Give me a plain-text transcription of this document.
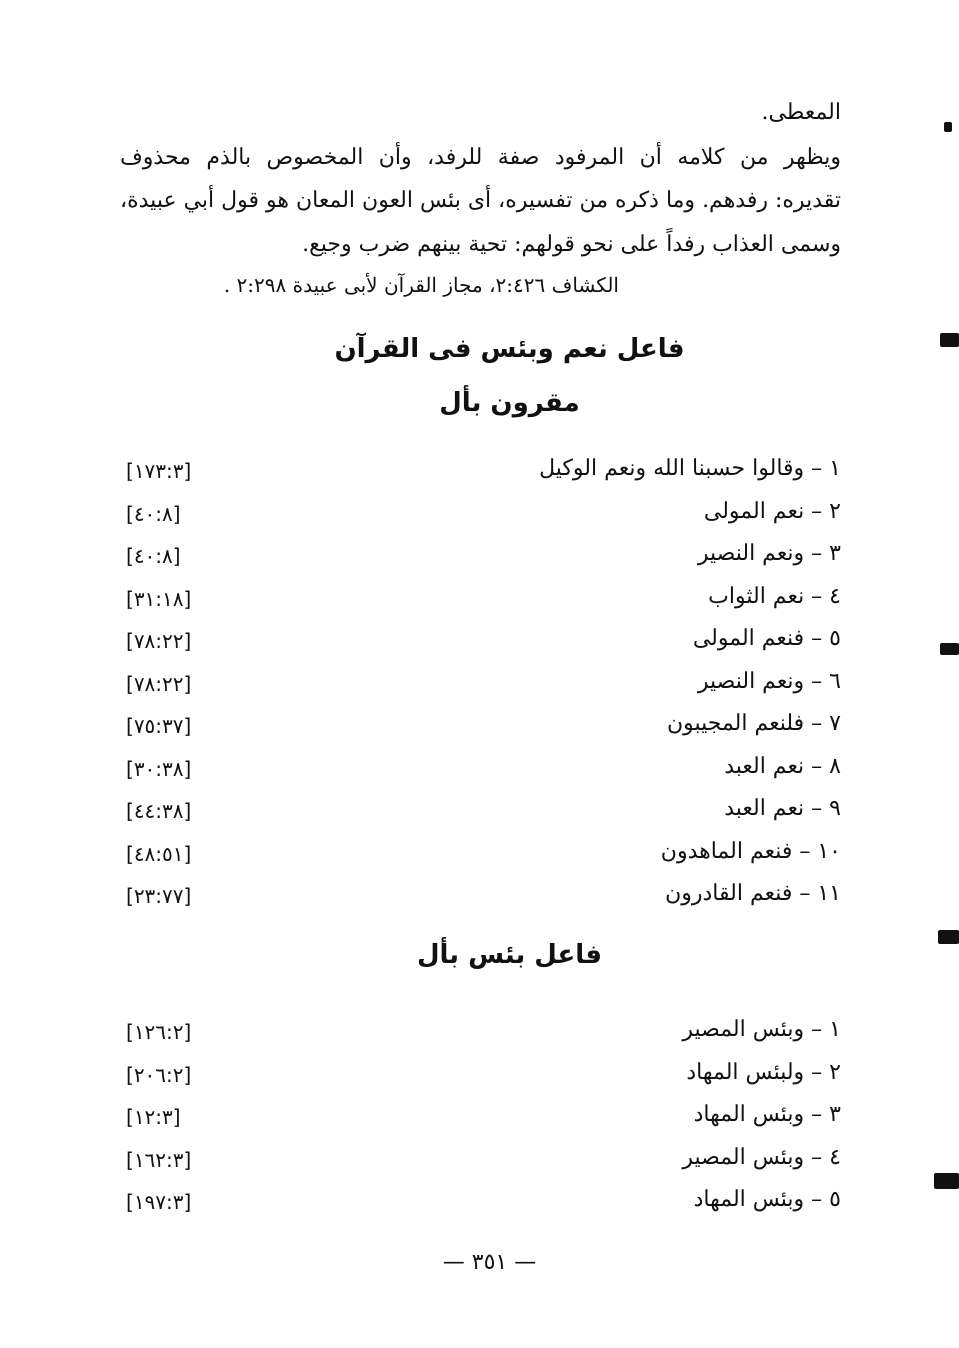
المعطى.
ويظهر من كلامه أن المرفود صفة للرفد، وأن المخصوص بالذم محذوف
تقديره: رفدهم. وما ذكره من تفسيره، أى بئس العون المعان هو قول أبي عبيدة،
وسمى العذاب رفداً على نحو قولهم: تحية بينهم ضرب وجيع.
الكشاف ٢:٤٢٦، مجاز القرآن لأبى عبيدة ٢:٢٩٨ .
فاعل نعم وبئس فى القرآن
مقرون بأل
١ – وقالوا حسبنا الله ونعم الوكيل
[١٧٣:٣]
٢ – نعم المولى
[٤٠:٨]
٣ – ونعم النصير
[٤٠:٨]
٤ – نعم الثواب
[٣١:١٨]
٥ – فنعم المولى
[٧٨:٢٢]
٦ – ونعم النصير
[٧٨:٢٢]
٧ – فلنعم المجيبون
[٧٥:٣٧]
٨ – نعم العبد
[٣٠:٣٨]
٩ – نعم العبد
[٤٤:٣٨]
١٠ – فنعم الماهدون
[٤٨:٥١]
١١ – فنعم القادرون
[٢٣:٧٧]
فاعل بئس بأل
١ – وبئس المصير
[١٢٦:٢]
٢ – ولبئس المهاد
[٢٠٦:٢]
٣ – وبئس المهاد
[١٢:٣]
٤ – وبئس المصير
[١٦٢:٣]
٥ – وبئس المهاد
[١٩٧:٣]
— ٣٥١ —
